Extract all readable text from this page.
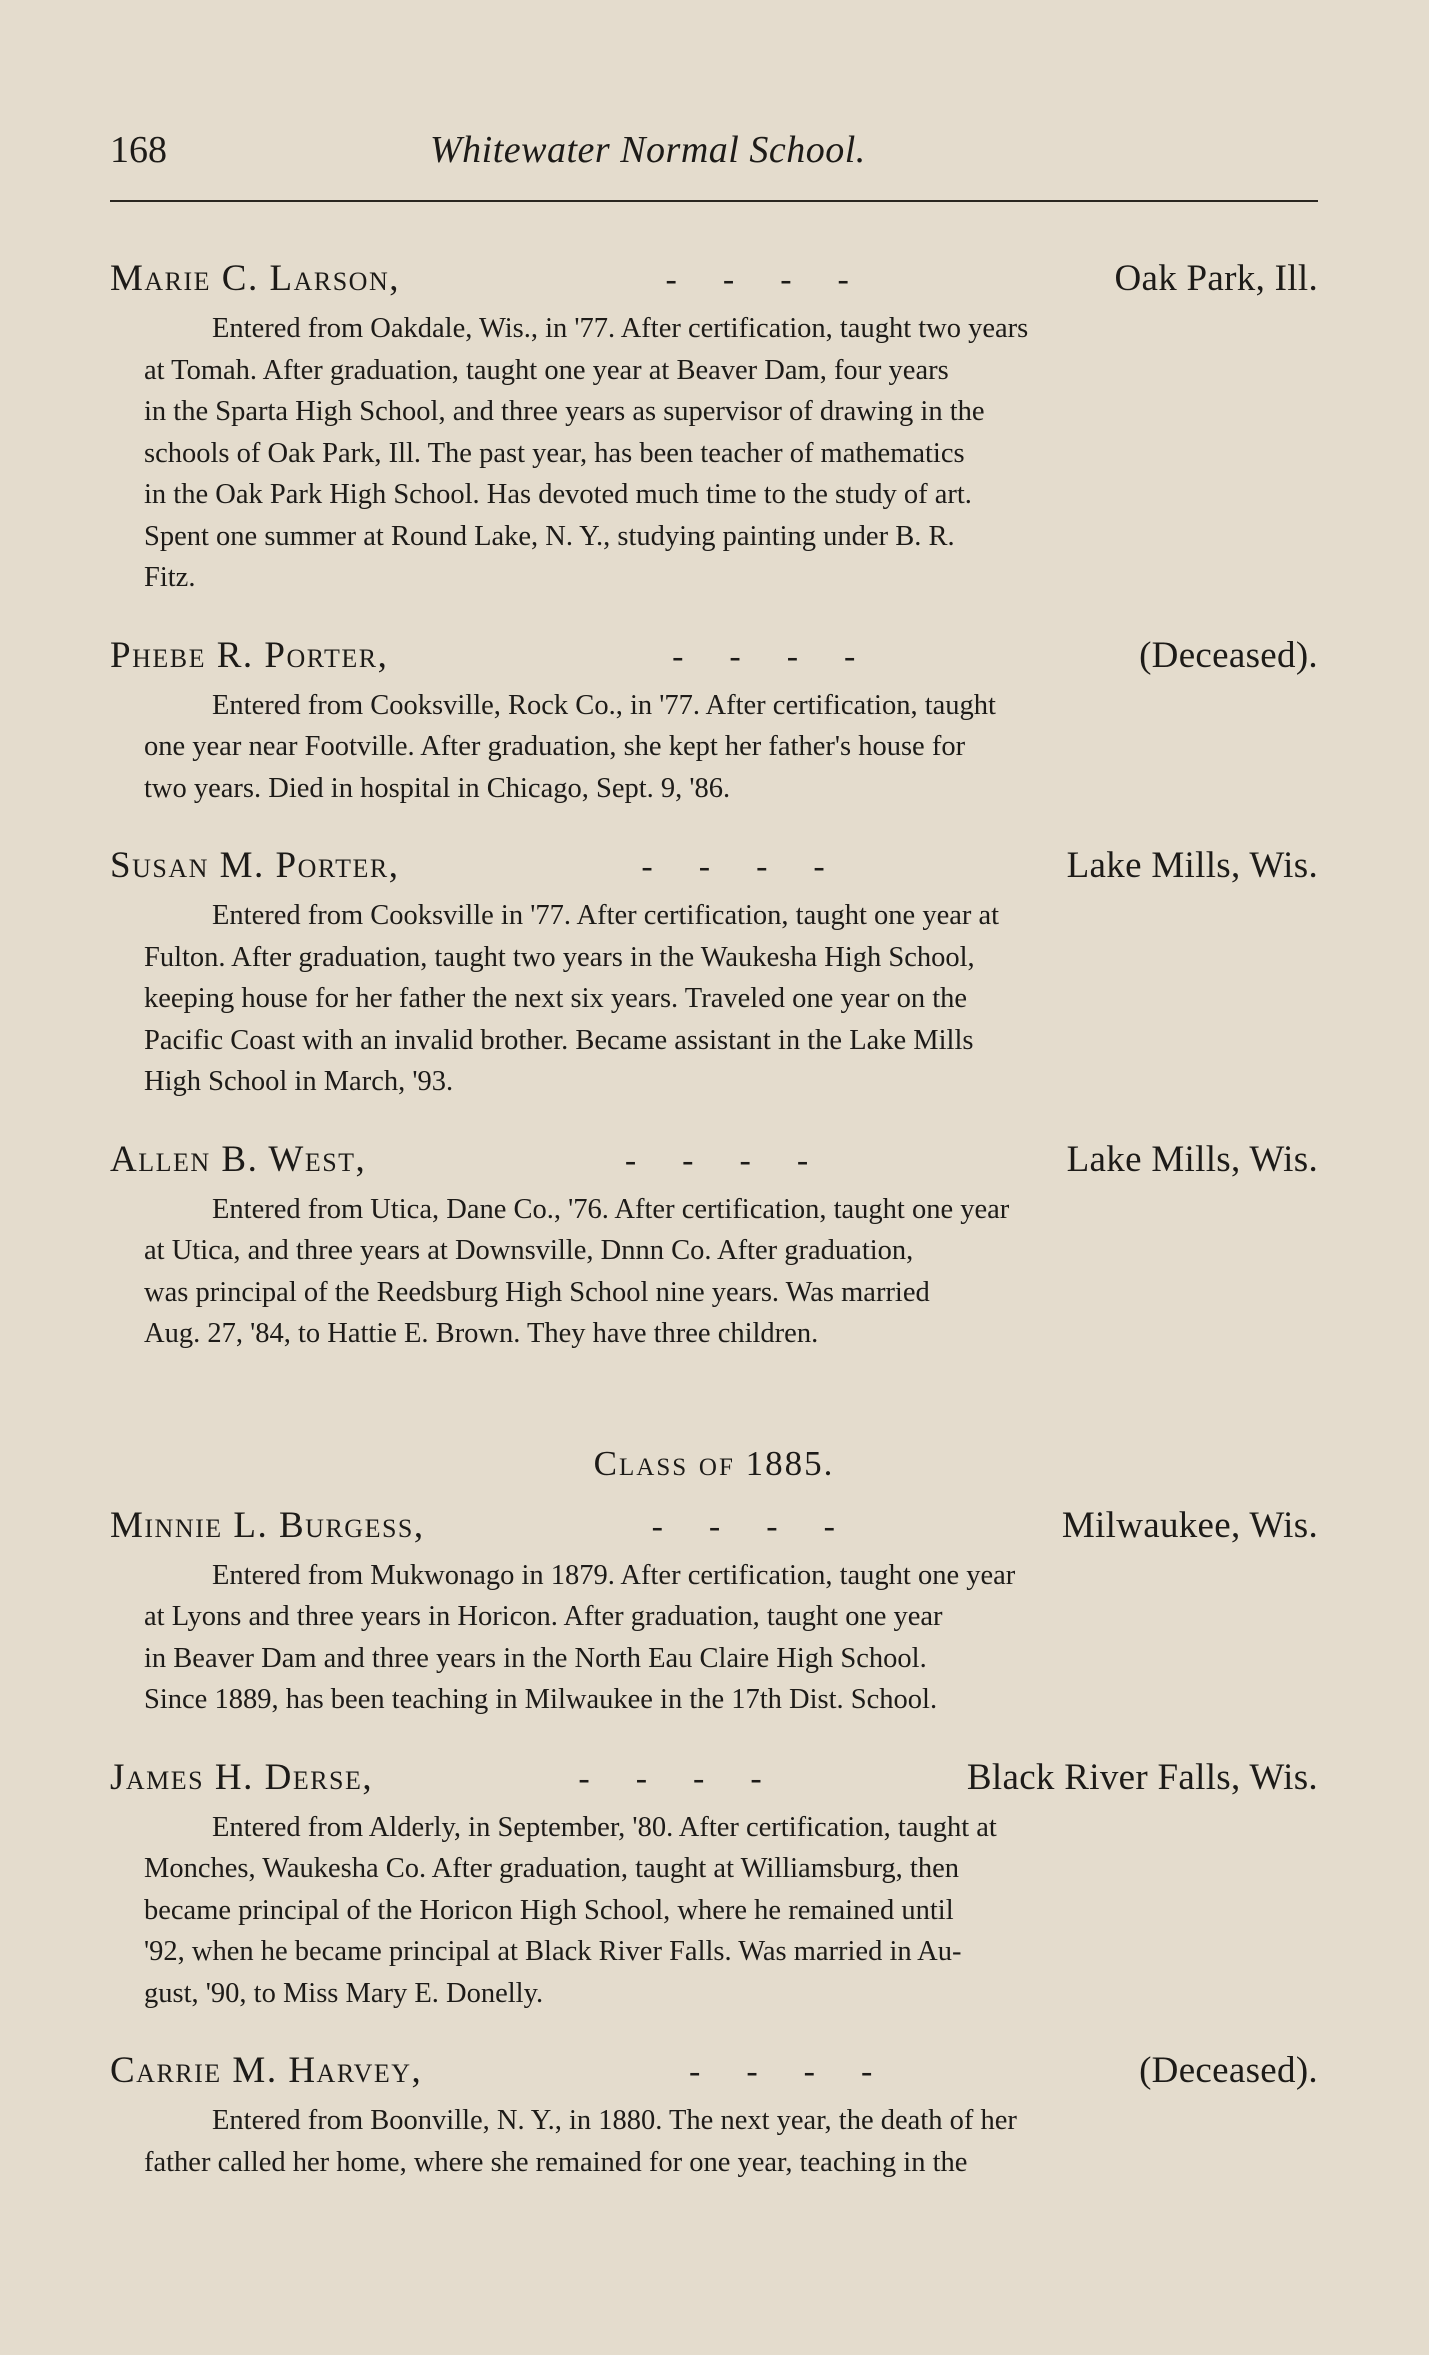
168	Whitewater Normal School.
Marie C. Larson,	- - - -	Oak Park, Ill.
Entered from Oakdale, Wis., in '77. After certification, taught two years
at Tomah. After graduation, taught one year at Beaver Dam, four years
in the Sparta High School, and three years as supervisor of drawing in the
schools of Oak Park, Ill. The past year, has been teacher of mathematics
in the Oak Park High School. Has devoted much time to the study of art.
Spent one summer at Round Lake, N. Y., studying painting under B. R.
Fitz.
Phebe R. Porter,	- - - -	(Deceased).
Entered from Cooksville, Rock Co., in '77. After certification, taught
one year near Footville. After graduation, she kept her father's house for
two years. Died in hospital in Chicago, Sept. 9, '86.
Susan M. Porter,	- - - -	Lake Mills, Wis.
Entered from Cooksville in '77. After certification, taught one year at
Fulton. After graduation, taught two years in the Waukesha High School,
keeping house for her father the next six years. Traveled one year on the
Pacific Coast with an invalid brother. Became assistant in the Lake Mills
High School in March, '93.
Allen B. West,	- - - -	Lake Mills, Wis.
Entered from Utica, Dane Co., '76. After certification, taught one year
at Utica, and three years at Downsville, Dnnn Co. After graduation,
was principal of the Reedsburg High School nine years. Was married
Aug. 27, '84, to Hattie E. Brown. They have three children.
Class of 1885.
Minnie L. Burgess,	- - - -	Milwaukee, Wis.
Entered from Mukwonago in 1879. After certification, taught one year
at Lyons and three years in Horicon. After graduation, taught one year
in Beaver Dam and three years in the North Eau Claire High School.
Since 1889, has been teaching in Milwaukee in the 17th Dist. School.
James H. Derse,	- - - -	Black River Falls, Wis.
Entered from Alderly, in September, '80. After certification, taught at
Monches, Waukesha Co. After graduation, taught at Williamsburg, then
became principal of the Horicon High School, where he remained until
'92, when he became principal at Black River Falls. Was married in Au-
gust, '90, to Miss Mary E. Donelly.
Carrie M. Harvey,	- - - -	(Deceased).
Entered from Boonville, N. Y., in 1880. The next year, the death of her
father called her home, where she remained for one year, teaching in the
